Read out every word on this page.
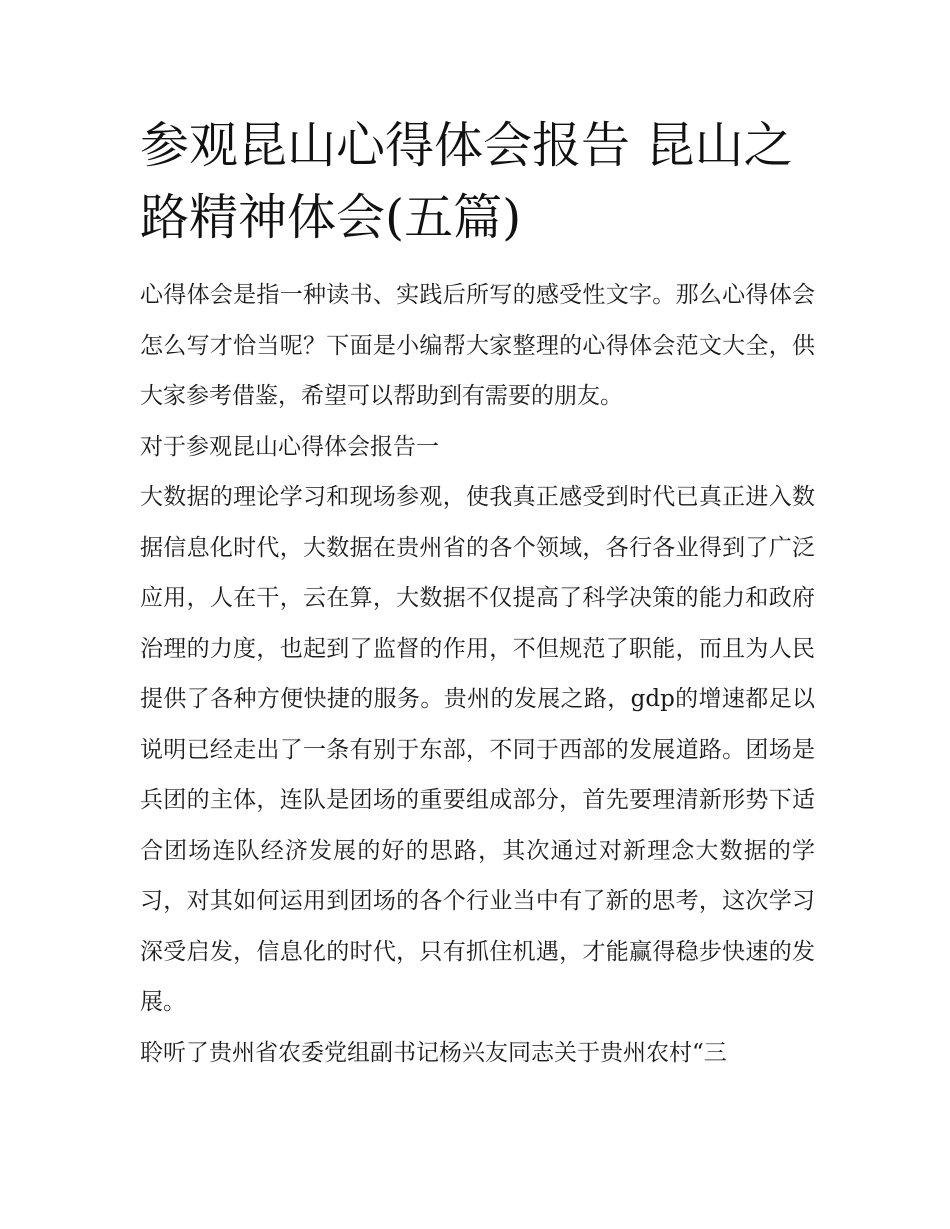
参观昆山心得体会报告 昆山之路精神体会(五篇)

心得体会是指一种读书、实践后所写的感受性文字。那么心得体会怎么写才恰当呢？下面是小编帮大家整理的心得体会范文大全，供大家参考借鉴，希望可以帮助到有需要的朋友。

对于参观昆山心得体会报告一

大数据的理论学习和现场参观，使我真正感受到时代已真正进入数据信息化时代，大数据在贵州省的各个领域，各行各业得到了广泛应用，人在干，云在算，大数据不仅提高了科学决策的能力和政府治理的力度，也起到了监督的作用，不但规范了职能，而且为人民提供了各种方便快捷的服务。贵州的发展之路，gdp的增速都足以说明已经走出了一条有别于东部，不同于西部的发展道路。团场是兵团的主体，连队是团场的重要组成部分，首先要理清新形势下适合团场连队经济发展的好的思路，其次通过对新理念大数据的学习，对其如何运用到团场的各个行业当中有了新的思考，这次学习深受启发，信息化的时代，只有抓住机遇，才能赢得稳步快速的发展。

聆听了贵州省农委党组副书记杨兴友同志关于贵州农村“三
